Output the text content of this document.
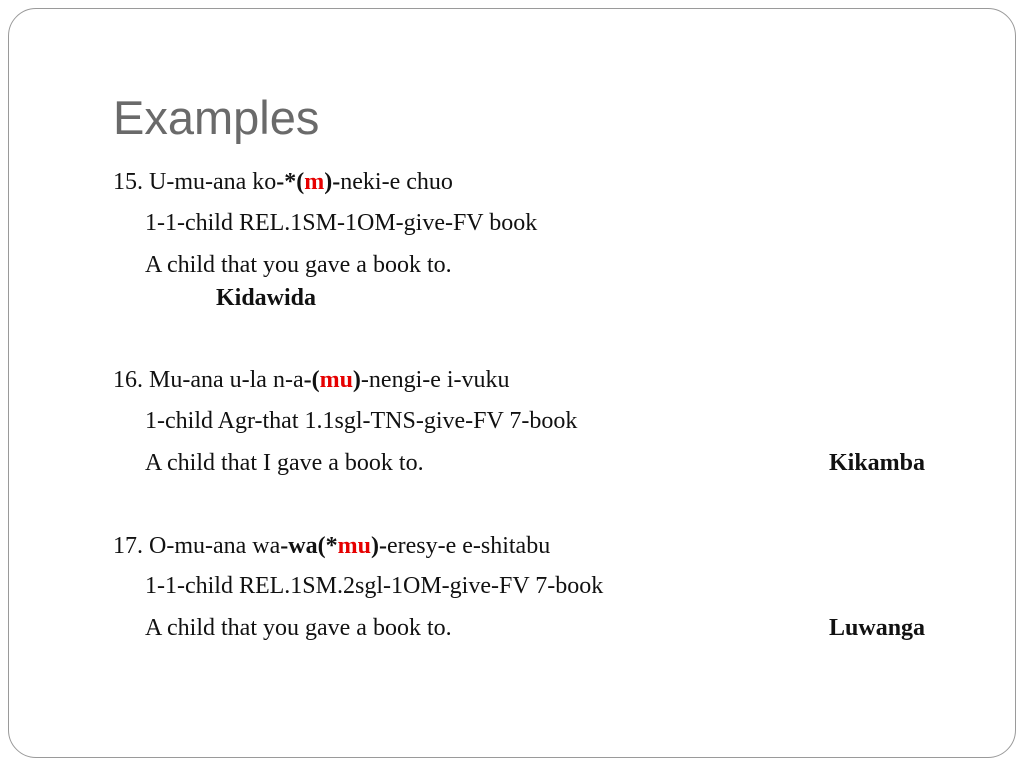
Examples
15. U-mu-ana ko-*(m)-neki-e chuo
1-1-child REL.1SM-1OM-give-FV book
A child that you gave a book to.
Kidawida
16. Mu-ana u-la n-a-(mu)-nengi-e i-vuku
1-child Agr-that 1.1sgl-TNS-give-FV 7-book
A child that I gave a book to.	Kikamba
17. O-mu-ana wa-wa(*mu)-eresy-e e-shitabu
1-1-child REL.1SM.2sgl-1OM-give-FV 7-book
A child that you gave a book to.	Luwanga
